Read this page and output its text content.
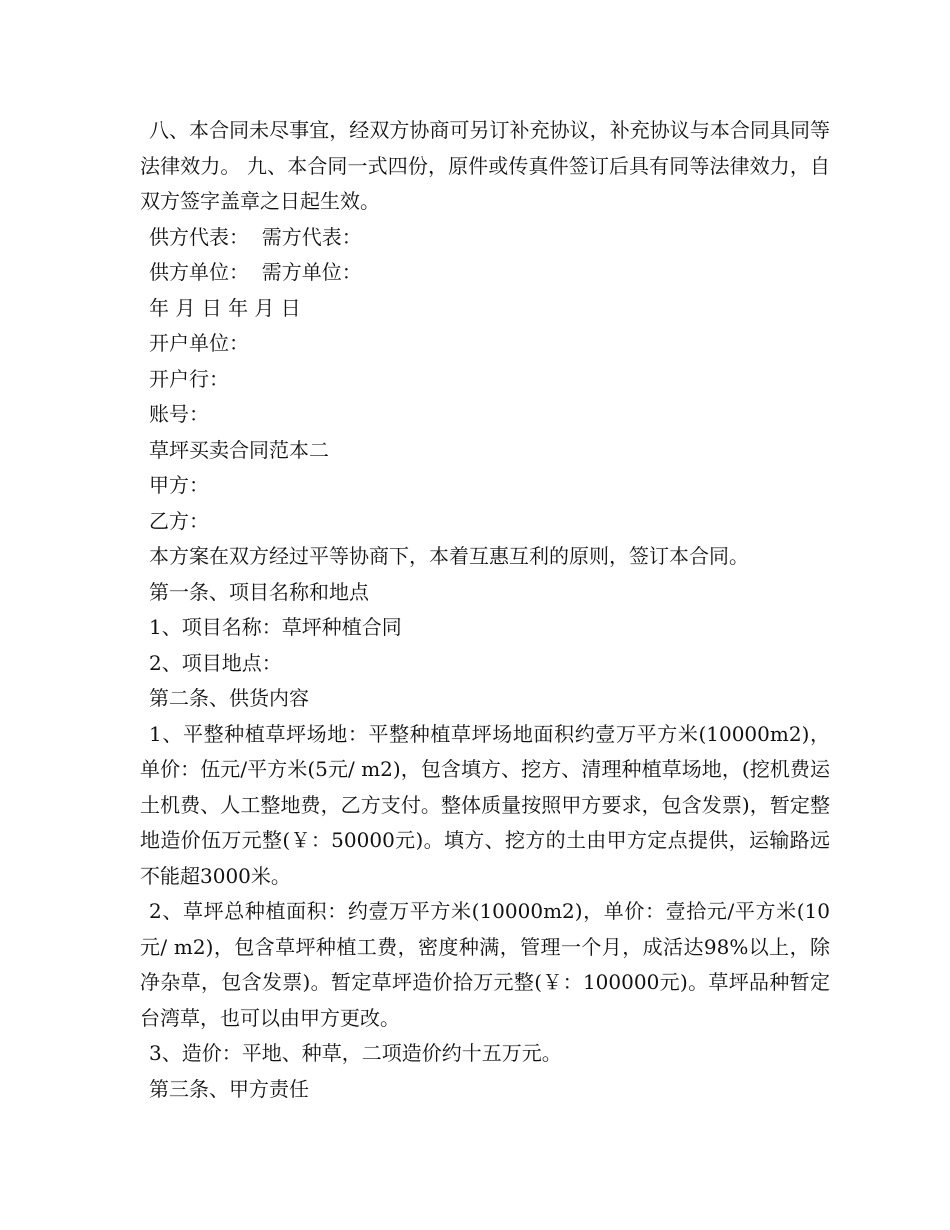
八、本合同未尽事宜，经双方协商可另订补充协议，补充协议与本合同具同等法律效力。 九、本合同一式四份，原件或传真件签订后具有同等法律效力，自双方签字盖章之日起生效。

供方代表：  需方代表：

供方单位：  需方单位：

年 月 日 年 月 日

开户单位：

开户行：

账号：

草坪买卖合同范本二

甲方：

乙方：

本方案在双方经过平等协商下，本着互惠互利的原则，签订本合同。

第一条、项目名称和地点

1、项目名称：草坪种植合同

2、项目地点：

第二条、供货内容

1、平整种植草坪场地：平整种植草坪场地面积约壹万平方米(10000m2)，单价：伍元/平方米(5元/ m2)，包含填方、挖方、清理种植草场地，(挖机费运土机费、人工整地费，乙方支付。整体质量按照甲方要求，包含发票)，暂定整地造价伍万元整(￥：50000元)。填方、挖方的土由甲方定点提供，运输路远不能超3000米。

2、草坪总种植面积：约壹万平方米(10000m2)，单价：壹拾元/平方米(10元/ m2)，包含草坪种植工费，密度种满，管理一个月，成活达98%以上，除净杂草，包含发票)。暂定草坪造价拾万元整(￥：100000元)。草坪品种暂定台湾草，也可以由甲方更改。

3、造价：平地、种草，二项造价约十五万元。

第三条、甲方责任
